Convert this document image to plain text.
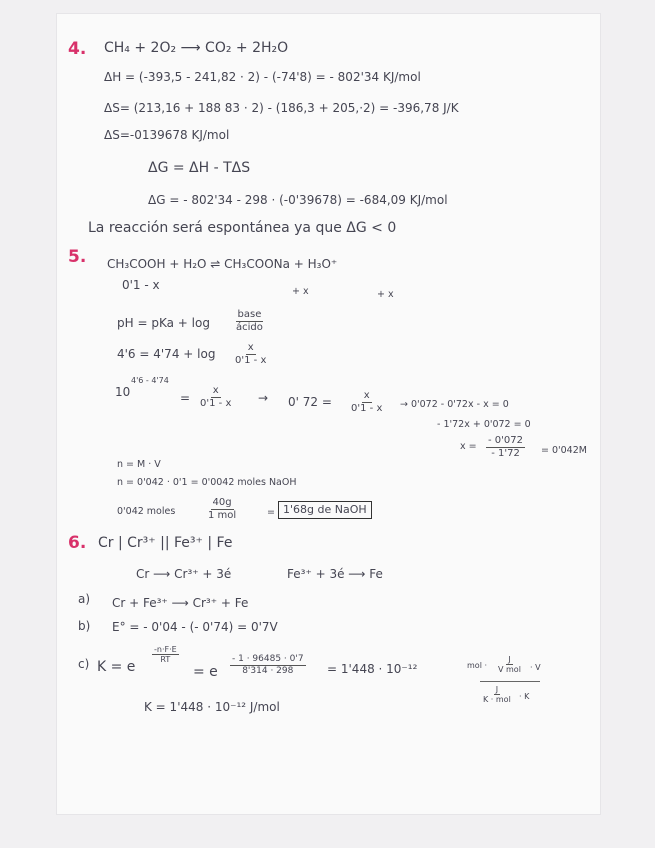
4. CH₄ + 2O₂ ⟶ CO₂ + 2H₂O
ΔH = (-393,5 - 241,82 · 2) - (-74'8) = - 802'34 KJ/mol
ΔS= (213,16 + 188 83 · 2) - (186,3 + 205,·2) = -396,78 J/K
ΔS=-0139678 KJ/mol
ΔG = ΔH - TΔS
ΔG = - 802'34 - 298 · (-0'39678) = -684,09 KJ/mol
La reacción será espontánea ya que ΔG < 0
5. CH₃COOH + H₂O ⇌ CH₃COONa + H₃O⁺
0'1 - x	+ x	+ x
pH = pKa + log
base
ácido
$4'6 = 4'74 + \log \frac{x}{0'1 - x}$
4'6 - 4'74
10	= $\frac{x}{0'1 - x} \to 0'$ $72 = \frac{x}{0'1 - x} \to 0'072 - 0'72x - x = 0$
- 1'72x + 0'072 = 0
$x = \frac{- 0'072}{- 1'72} = 0'042M$
n = M · V
n = 0'042 · 0'1 = 0'0042 moles NaOH
0'042 moles
40g
1 mol	= 1'68g de NaOH
6. Cr | Cr³⁺ || Fe³⁺ | Fe
Cr ⟶ Cr³⁺ + 3é	Fe³⁺ + 3é ⟶ Fe
a) Cr + Fe³⁺ ⟶ Cr³⁺ + Fe
b) E° = - 0'04 - (- 0'74) = 0'7V
c) K = e
$\frac{-n\cdot F\cdot E}{RT}$
= e $\frac{- 1 \cdot 96485 \cdot 0'7}{8'314 \cdot 298} = 1'448 \cdot 10^{-12}$	mol ·
J
V mol · V
J
K · mol · K
K = 1'448 · 10⁻¹² J/mol
